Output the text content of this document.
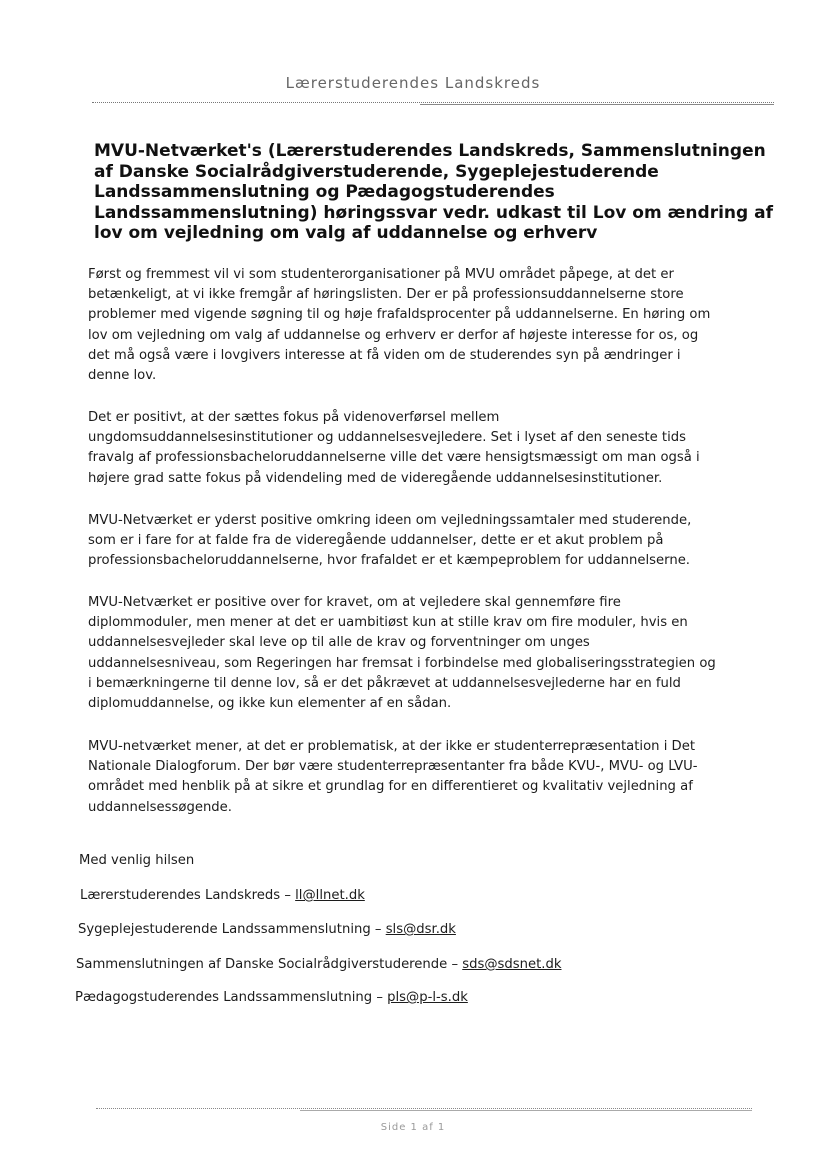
Lærerstuderendes Landskreds
MVU-Netværket's (Lærerstuderendes Landskreds, Sammenslutningen
af Danske Socialrådgiverstuderende, Sygeplejestuderende
Landssammenslutning og Pædagogstuderendes
Landssammenslutning) høringssvar vedr. udkast til Lov om ændring af
lov om vejledning om valg af uddannelse og erhverv
Først og fremmest vil vi som studenterorganisationer på MVU området påpege, at det er
betænkeligt, at vi ikke fremgår af høringslisten. Der er på professionsuddannelserne store
problemer med vigende søgning til og høje frafaldsprocenter på uddannelserne. En høring om
lov om vejledning om valg af uddannelse og erhverv er derfor af højeste interesse for os, og
det må også være i lovgivers interesse at få viden om de studerendes syn på ændringer i
denne lov.
Det er positivt, at der sættes fokus på videnoverførsel mellem
ungdomsuddannelsesinstitutioner og uddannelsesvejledere. Set i lyset af den seneste tids
fravalg af professionsbacheloruddannelserne ville det være hensigtsmæssigt om man også i
højere grad satte fokus på videndeling med de videregående uddannelsesinstitutioner.
MVU-Netværket er yderst positive omkring ideen om vejledningssamtaler med studerende,
som er i fare for at falde fra de videregående uddannelser, dette er et akut problem på
professionsbacheloruddannelserne, hvor frafaldet er et kæmpeproblem for uddannelserne.
MVU-Netværket er positive over for kravet, om at vejledere skal gennemføre fire
diplommoduler, men mener at det er uambitiøst kun at stille krav om fire moduler, hvis en
uddannelsesvejleder skal leve op til alle de krav og forventninger om unges
uddannelsesniveau, som Regeringen har fremsat i forbindelse med globaliseringsstrategien og
i bemærkningerne til denne lov, så er det påkrævet at uddannelsesvejlederne har en fuld
diplomuddannelse, og ikke kun elementer af en sådan.
MVU-netværket mener, at det er problematisk, at der ikke er studenterrepræsentation i Det
Nationale Dialogforum. Der bør være studenterrepræsentanter fra både KVU-, MVU- og LVU-
området med henblik på at sikre et grundlag for en differentieret og kvalitativ vejledning af
uddannelsessøgende.

Med venlig hilsen

Lærerstuderendes Landskreds – ll@llnet.dk

Sygeplejestuderende Landssammenslutning – sls@dsr.dk

Sammenslutningen af Danske Socialrådgiverstuderende – sds@sdsnet.dk

Pædagogstuderendes Landssammenslutning – pls@p-l-s.dk

Side 1 af 1
